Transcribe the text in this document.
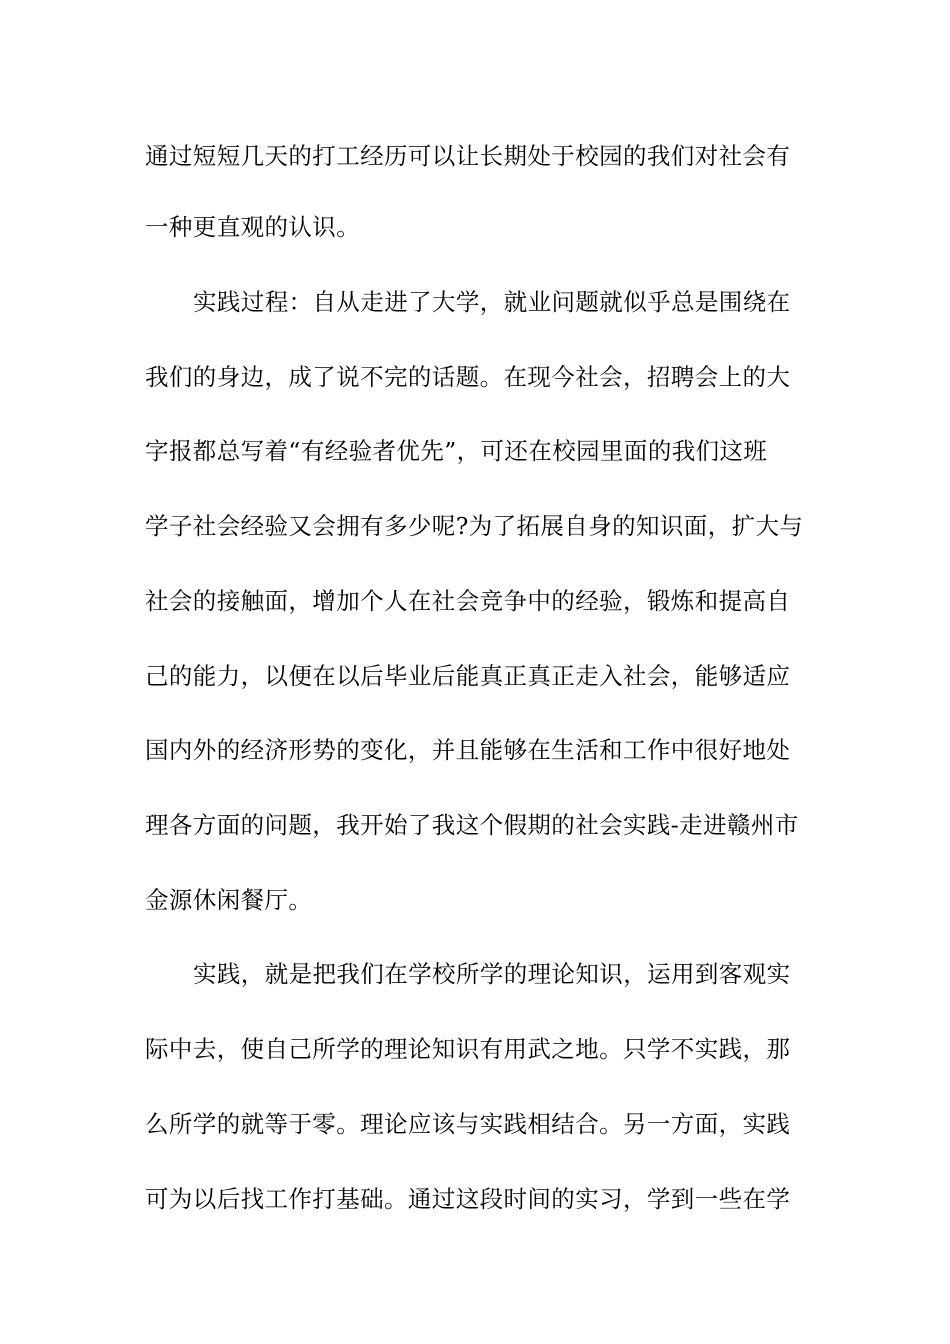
通过短短几天的打工经历可以让长期处于校园的我们对社会有
一种更直观的认识。
实践过程：自从走进了大学，就业问题就似乎总是围绕在
我们的身边，成了说不完的话题。在现今社会，招聘会上的大
字报都总写着“有经验者优先”，可还在校园里面的我们这班
学子社会经验又会拥有多少呢?为了拓展自身的知识面，扩大与
社会的接触面，增加个人在社会竞争中的经验，锻炼和提高自
己的能力，以便在以后毕业后能真正真正走入社会，能够适应
国内外的经济形势的变化，并且能够在生活和工作中很好地处
理各方面的问题，我开始了我这个假期的社会实践-走进赣州市
金源休闲餐厅。
实践，就是把我们在学校所学的理论知识，运用到客观实
际中去，使自己所学的理论知识有用武之地。只学不实践，那
么所学的就等于零。理论应该与实践相结合。另一方面，实践
可为以后找工作打基础。通过这段时间的实习，学到一些在学
